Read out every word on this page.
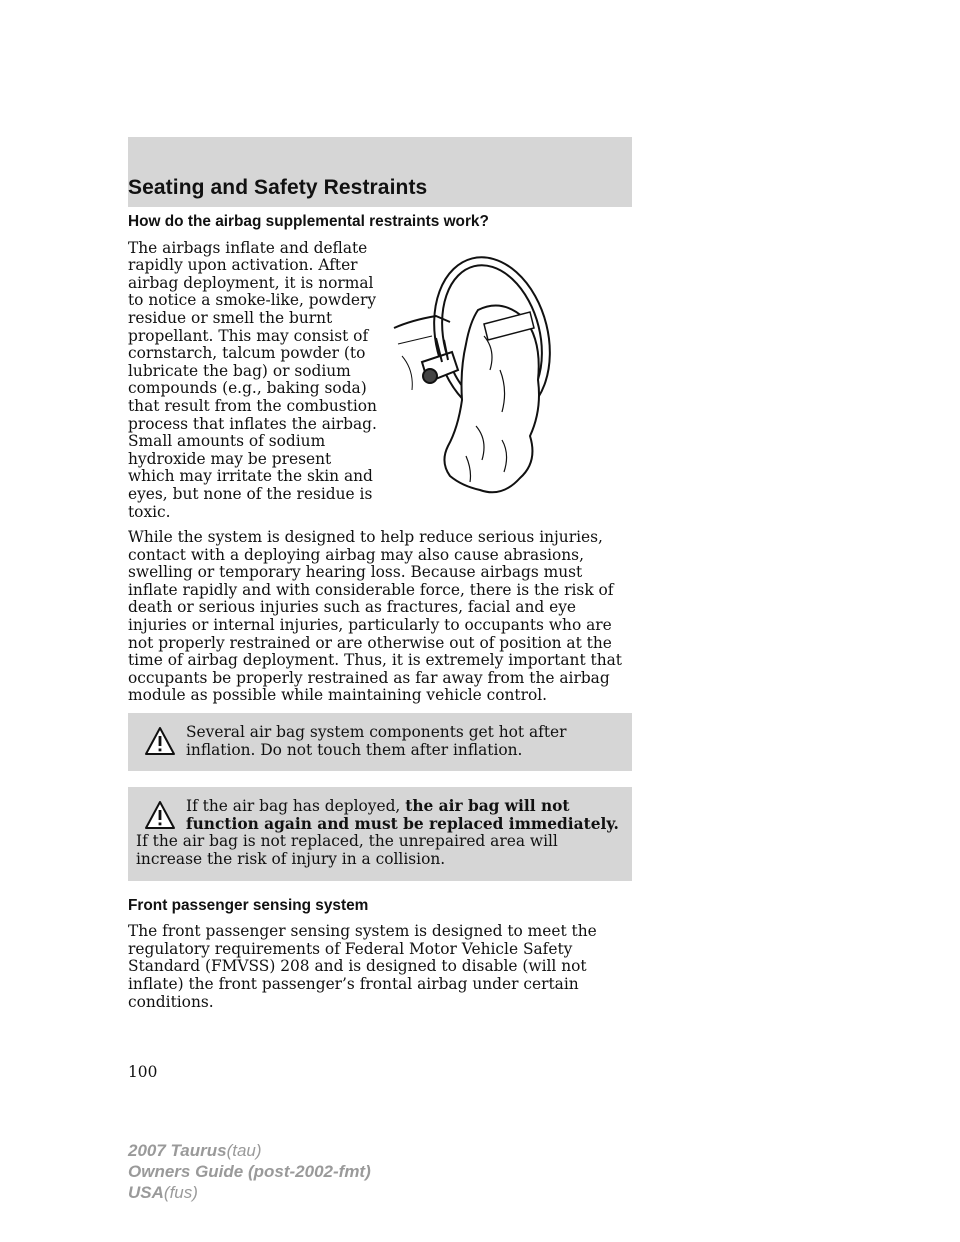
Seating and Safety Restraints
How do the airbag supplemental restraints work?

The airbags inflate and deflate rapidly upon activation. After airbag deployment, it is normal to notice a smoke-like, powdery residue or smell the burnt propellant. This may consist of cornstarch, talcum powder (to lubricate the bag) or sodium compounds (e.g., baking soda) that result from the combustion process that inflates the airbag. Small amounts of sodium hydroxide may be present which may irritate the skin and eyes, but none of the residue is toxic.

While the system is designed to help reduce serious injuries, contact with a deploying airbag may also cause abrasions, swelling or temporary hearing loss. Because airbags must inflate rapidly and with considerable force, there is the risk of death or serious injuries such as fractures, facial and eye injuries or internal injuries, particularly to occupants who are not properly restrained or are otherwise out of position at the time of airbag deployment. Thus, it is extremely important that occupants be properly restrained as far away from the airbag module as possible while maintaining vehicle control.

Several air bag system components get hot after inflation. Do not touch them after inflation.
If the air bag has deployed, the air bag will not function again and must be replaced immediately. If the air bag is not replaced, the unrepaired area will increase the risk of injury in a collision.
Front passenger sensing system

The front passenger sensing system is designed to meet the regulatory requirements of Federal Motor Vehicle Safety Standard (FMVSS) 208 and is designed to disable (will not inflate) the front passenger’s frontal airbag under certain conditions.

100
2007 Taurus(tau)
Owners Guide (post-2002-fmt)
USA(fus)
